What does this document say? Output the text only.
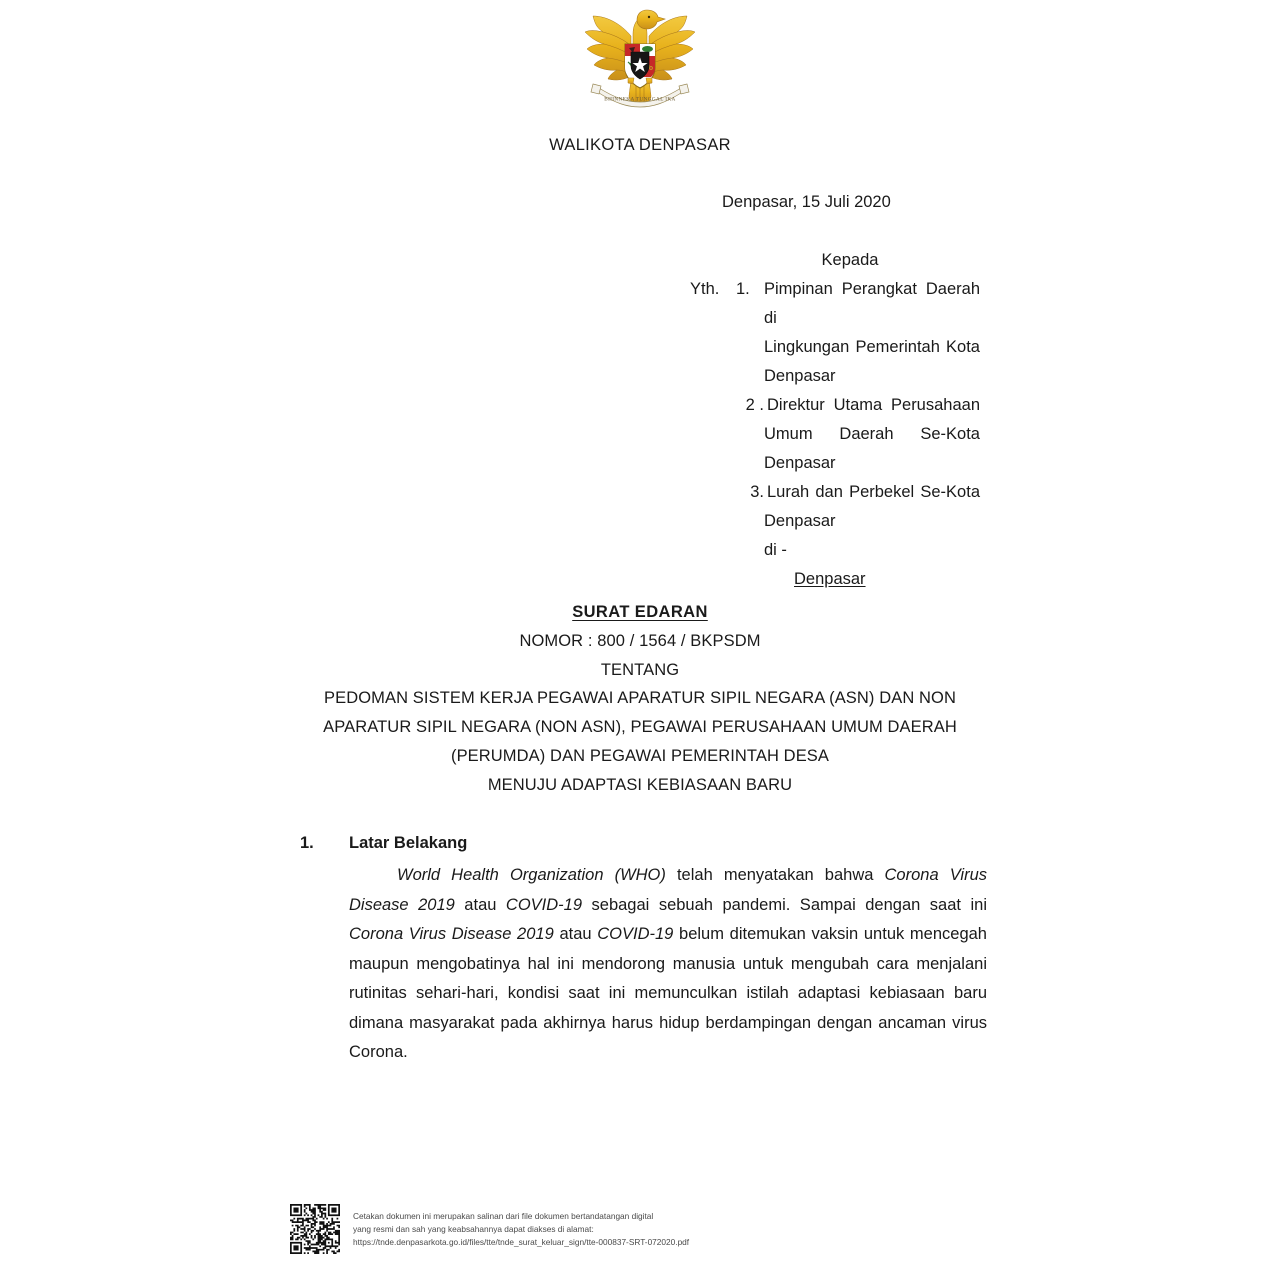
BHINNEKA TUNGGAL IKA
WALIKOTA DENPASAR
Denpasar, 15 Juli 2020
Kepada
Yth.	1. Pimpinan Perangkat Daerah di
Lingkungan Pemerintah Kota
Denpasar
2 . Direktur Utama Perusahaan
Umum Daerah Se-Kota
Denpasar
3. Lurah dan Perbekel Se-Kota
Denpasar
di -
Denpasar
SURAT EDARAN
NOMOR : 800 / 1564 / BKPSDM
TENTANG
PEDOMAN SISTEM KERJA PEGAWAI APARATUR SIPIL NEGARA (ASN) DAN NON
APARATUR SIPIL NEGARA (NON ASN), PEGAWAI PERUSAHAAN UMUM DAERAH
(PERUMDA) DAN PEGAWAI PEMERINTAH DESA
MENUJU ADAPTASI KEBIASAAN BARU
1.	Latar Belakang
World Health Organization (WHO) telah menyatakan bahwa Corona Virus Disease 2019 atau COVID-19 sebagai sebuah pandemi. Sampai dengan saat ini Corona Virus Disease 2019 atau COVID-19 belum ditemukan vaksin untuk mencegah maupun mengobatinya hal ini mendorong manusia untuk mengubah cara menjalani rutinitas sehari-hari, kondisi saat ini memunculkan istilah adaptasi kebiasaan baru dimana masyarakat pada akhirnya harus hidup berdampingan dengan ancaman virus Corona.
Cetakan dokumen ini merupakan salinan dari file dokumen bertandatangan digital
yang resmi dan sah yang keabsahannya dapat diakses di alamat:
https://tnde.denpasarkota.go.id/files/tte/tnde_surat_keluar_sign/tte-000837-SRT-072020.pdf
